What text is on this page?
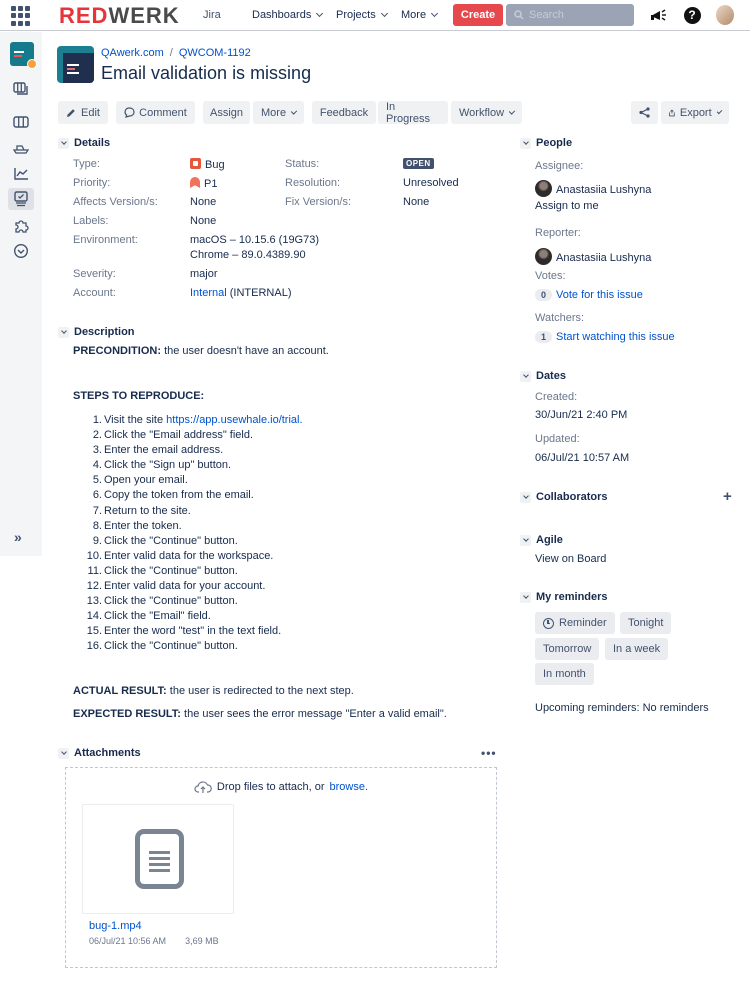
REDWERK Jira	Dashboards Projects More	Create
Search	?
»
QAwerk.com / QWCOM-1192
Email validation is missing
Edit	Comment	Assign	More	Feedback	In Progress	Workflow	Export
Details
Type:	Bug	Status:	OPEN
Priority:	P1	Resolution:	Unresolved
Affects Version/s:	None	Fix Version/s:	None
Labels:	None
Environment:	macOS – 10.15.6 (19G73)
Chrome – 89.0.4389.90
Severity:	major
Account:	Internal (INTERNAL)
Description
PRECONDITION: the user doesn't have an account.
STEPS TO REPRODUCE:
1. Visit the site https://app.usewhale.io/trial.
2. Click the "Email address" field.
3. Enter the email address.
4. Click the "Sign up" button.
5. Open your email.
6. Copy the token from the email.
7. Return to the site.
8. Enter the token.
9. Click the "Continue" button.
10. Enter valid data for the workspace.
11. Click the "Continue" button.
12. Enter valid data for your account.
13. Click the "Continue" button.
14. Click the "Email" field.
15. Enter the word "test" in the text field.
16. Click the "Continue" button.
ACTUAL RESULT: the user is redirected to the next step.
EXPECTED RESULT: the user sees the error message "Enter a valid email".
Attachments	•••
Drop files to attach, or browse.
bug-1.mp4
06/Jul/21 10:56 AM 3,69 MB
People
Assignee:
Anastasiia Lushyna
Assign to me
Reporter:
Anastasiia Lushyna
Votes:
0 Vote for this issue
Watchers:
1 Start watching this issue
Dates
Created:
30/Jun/21 2:40 PM
Updated:
06/Jul/21 10:57 AM
Collaborators	+
Agile
View on Board
My reminders
Reminder	Tonight
Tomorrow	In a week
In month
Upcoming reminders: No reminders
